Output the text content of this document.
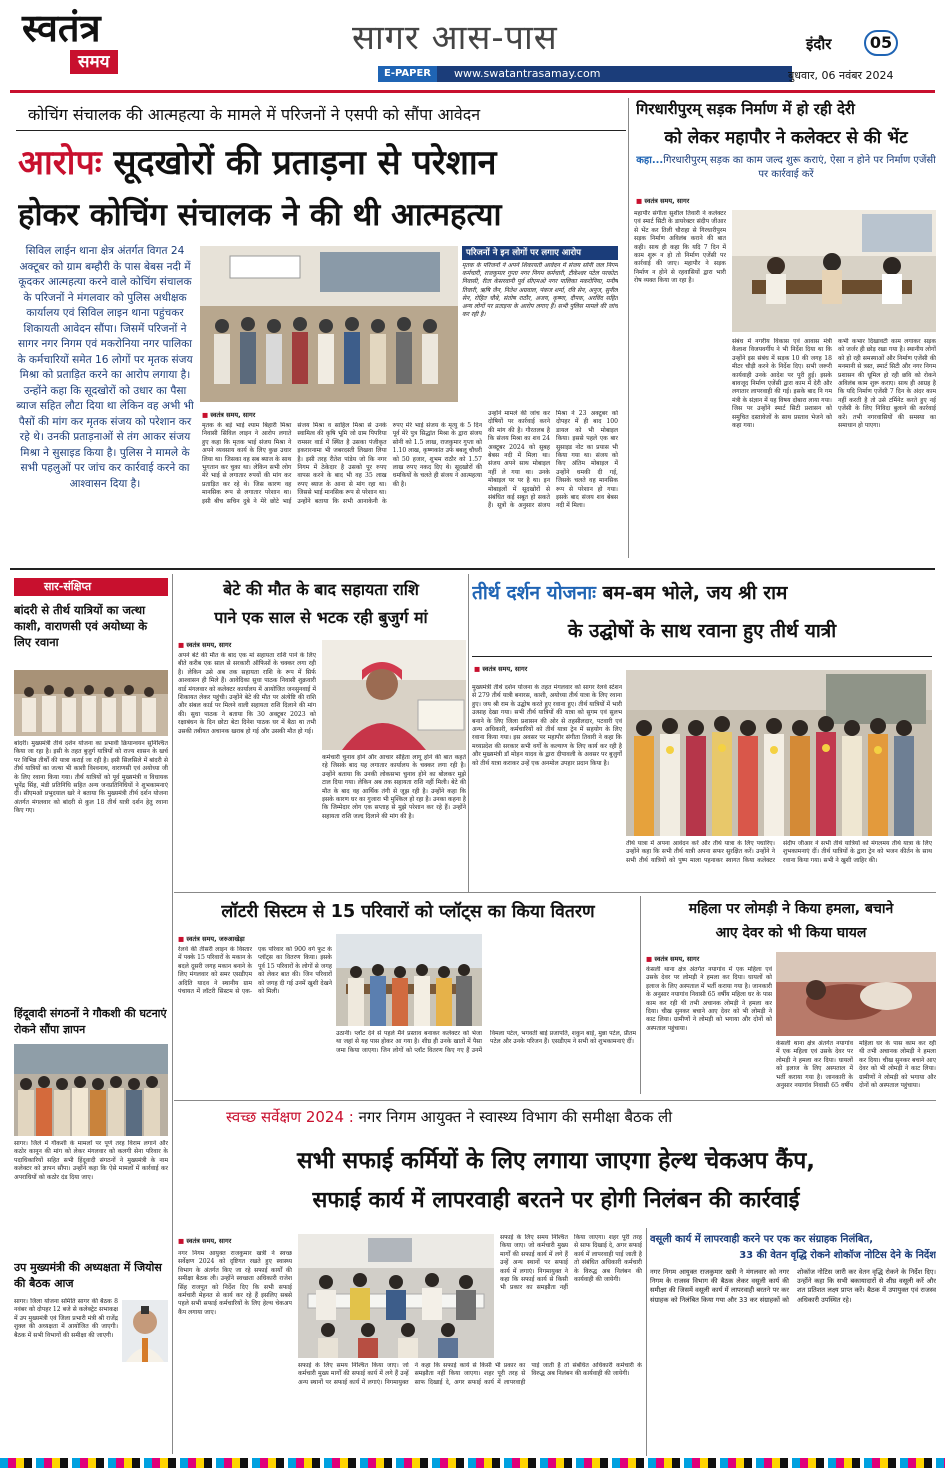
स्वतंत्र
समय
सागर आस-पास
E-PAPER	www.swatantrasamay.com
इंदौर	05
बुधवार, 06 नवंबर 2024
कोचिंग संचालक की आत्महत्या के मामले में परिजनों ने एसपी को सौंपा आवेदन
आरोपः सूदखोरों की प्रताड़ना से परेशान
होकर कोचिंग संचालक ने की थी आत्महत्या
सिविल लाईन थाना क्षेत्र अंतर्गत विगत 24 अक्टूबर को ग्राम बम्हौरी के पास बेबस नदी में कूदकर आत्महत्या करने वाले कोचिंग संचालक के परिजनों ने मंगलवार को पुलिस अधीक्षक कार्यालय एवं सिविल लाइन थाना पहुंचकर शिकायती आवेदन सौंपा। जिसमें परिजनों ने सागर नगर निगम एवं मकरोनिया नगर पालिका के कर्मचारियों समेत 16 लोगों पर मृतक संजय मिश्रा को प्रताड़ित करने का आरोप लगाया है। उन्होंने कहा कि सूदखोरों को उधार का पैसा ब्याज सहित लौटा दिया था लेकिन वह अभी भी पैसों की मांग कर मृतक संजय को परेशान कर रहे थे। उनकी प्रताड़नाओं से तंग आकर संजय मिश्रा ने सुसाइड किया है। पुलिस ने मामले के सभी पहलुओं पर जांच कर कार्रवाई करने का आश्वासन दिया है।
परिजनों ने इन लोगों पर लगाए आरोप
मृतक के परिजनों ने अपने शिकायती आवेदन में संजय सोनी जल निगम कर्मचारी, राजकुमार गुप्ता नगर निगम कर्मचारी, टीकेश्वर पटेल परकोटा निवासी, रीता केसरवानी पूर्व सीएमओ नगर पालिका मकरोनिया, मनीष तिवारी, ऋषि जैन, नितेश अग्रवाल, पंकज शर्मा, रवि सेन, अनुज, सुनील सेन, रोहित चौबे, संतोष राठौर, अजय, कृष्णा, दीपक, अरविंद सहित अन्य लोगों पर प्रताड़ना के आरोप लगाए हैं। सभी पुलिस मामले की जांच कर रही है।
■ स्वतंत्र समय, सागर
मृतक के बड़े भाई श्याम बिहारी मिश्रा निवासी सिविल लाइन ने आरोप लगाते हुए कहा कि मृतक भाई संजय मिश्रा ने अपने व्यवसाय कार्य के लिए कुछ उधार लिया था। जिसका वह सब ब्याज के साथ भुगतान कर चुका था। लेकिन सभी लोग मेरे भाई से लगातार रुपयों की मांग कर प्रताड़ित कर रहे थे। जिस कारण वह मानसिक रूप से लगातार परेशान था। इसी बीच सचिन दुबे ने मेरे छोटे भाई संजय मिश्रा व साहिल मिश्रा से उनके स्वामित्व की कृषि भूमि जो ग्राम पिपरिया रामसर वार्ड में स्थित है उसका पंजीकृत इकरारनामा भी जबरदस्ती लिखवा लिया है। इसी तरह रीतेश पांडेय जो कि नगर निगम में ठेकेदार है उसको पूर रुपए वापस करने के बाद भी वह 35 लाख रुपए ब्याज के आना से मांग रहा था। जिससे भाई मानसिक रूप से परेशान था। उन्होंने बताया कि सभी आनाकेनी के रुपए मेरे भाई संजय के मृत्यु के 5 दिन पूर्व मेरे पुत्र सिद्धांत मिश्रा के द्वारा संजय सोनी को 1.5 लाख, राजकुमार गुप्ता को 1.10 लाख, कृष्णकांत उर्फ बबलू चौधरी को 50 हजार, शुभम राठौर को 1.57 लाख रुपए नकद दिए थे। सूदखोरों की धमकियों के चलते ही संजय ने आत्महत्या की है।
उन्होंने मामले की जांच कर दोषियों पर कार्रवाई करने की मांग की है। गौरतलब है कि संजय मिश्रा का शव 24 अक्टूबर 2024 को सुबह बेबस नदी में मिला था। संजय अपने साथ मोबाइल नहीं ले गया था। उनके मोबाइल पर पर है था। इन मोबाइलों में सूदखोरों से संबंधित कई सबूत हो सकते हैं। सूत्रों के अनुसार संजय मिश्रा ने 23 अक्टूबर को दोपहर में ही बाद 100 डायल को भी मोबाइल किया। इससे पहले एक बार सुसाइड नोट का प्रयास भी किया गया था। संजय को किए अंतिम मोबाइल में उन्होंने धमकी दी गई, जिसके चलते वह मानसिक रूप से परेशान हो गया। इसके बाद संजय शव बेबस नदी में मिला।
गिरधारीपुरम् सड़क निर्माण में हो रही देरी
को लेकर महापौर ने कलेक्टर से की भेंट
कहा...गिरधारीपुरम् सड़क का काम जल्द शुरू कराएं, ऐसा न होने पर निर्माण एजेंसी पर कार्रवाई करें
■ स्वतंत्र समय, सागर
महापौर संगीता सुशील तिवारी ने कलेक्टर एवं स्मार्ट सिटी के डायरेक्टर संदीप जीआर से भेंट कर तिली चौराहा से गिरधारीपुरम सड़क निर्माण अविलंब कराने की बात कही। साथ ही कहा कि यदि 7 दिन में काम शुरू न हो तो निर्माण एजेंसी पर कार्रवाई की जाए। महापौर ने सड़क निर्माण न होने से रहवासियों द्वारा भारी रोष व्यक्त किया जा रहा है।
संबंध में नगरीय विकास एवं आवास मंत्री कैलाश विजयवर्गीय ने भी निर्देश दिया था कि उन्होंने इस संबंध में सड़क 10 की जगह 18 मीटर चौड़ी करने के निर्देश दिए। सभी जरूरी कार्यवाही उनके आदेश पर पूरी हुई। इसके बावजूद निर्माण एजेंसी द्वारा काम में देरी और लगातार लापरवाही की गई। इसके बाद नि गम मंत्री के संज्ञान में यह विषय दोबारा लाया गया। जिस पर उन्होंने स्मार्ट सिटी प्रशासन को समुचित दस्तावेजों के साथ प्रस्ताव भेजने को कहा गया।
कभी कभार दिखावटी काम लगाकर सड़क को जर्जर ही छोड़ रखा गया है। स्थानीय लोगों को हो रही समस्याओं और निर्माण एजेंसी की मनमानी से त्रस्त, स्मार्ट सिटी और नगर निगम प्रशासन की धूमिल हो रही छवि को रोकने अविलंब काम शुरू कराए। साथ ही आग्रह है कि यदि निर्माण एजेंसी 7 दिन के अंदर काम नहीं करती है तो उसे टर्मिनेट करते हुए नई एजेंसी के लिए निविदा बुलाने की कार्रवाई करें। तभी नगरवासियों की समस्या का समाधान हो पाएगा।
सार-संक्षिप्त
बांदरी से तीर्थ यात्रियों का जत्था काशी, वाराणसी एवं अयोध्या के लिए रवाना
बांदरी। मुख्यमंत्री तीर्थ दर्शन योजना का प्रभावी क्रियान्वयन सुनिश्चित किया जा रहा है। इसी के तहत बुजुर्ग यात्रियों को राज्य शासन के खर्च पर विभिन्न तीर्थों की यात्रा कराई जा रही है। इसी सिलसिले में बांदरी से तीर्थ यात्रियों का जत्था भी काशी विश्वनाथ, वाराणसी एवं अयोध्या जी के लिए रवाना किया गया। तीर्थ यात्रियों को पूर्व मुख्यमंत्री व विधायक भूपेंद्र सिंह, मंडी प्रतिनिधि सहित अन्य जनप्रतिनिधियों ने शुभकामनाएं दीं। सीएमओ प्रभुदयाल खरे ने बताया कि मुख्यमंत्री तीर्थ दर्शन योजना अंतर्गत मंगलवार को बांदरी से कुल 18 तीर्थ यात्री दर्शन हेतु रवाना किए गए।
हिंदूवादी संगठनों ने गौकशी की घटनाएं रोकने सौंपा ज्ञापन
सागर। जिले में गौकशी के मामलों पर पूर्ण तरह विराम लगाने और कठोर कानून की मांग को लेकर मंगलवार को कलगी सेना परिवार के पदाधिकारियों सहित सभी हिंदूवादी संगठनों ने मुख्यमंत्री के नाम कलेक्टर को ज्ञापन सौंपा। उन्होंने कहा कि ऐसे मामलों में कार्रवाई कर अपराधियों को कठोर दंड दिया जाए।
उप मुख्यमंत्री की अध्यक्षता में जियोस की बैठक आज
सागर। जिला योजना समिति सागर की बैठक 8 नवंबर को दोपहर 12 बजे से कलेक्ट्रेट सभाकक्ष में उप मुख्यमंत्री एवं जिला प्रभारी मंत्री श्री राजेंद्र शुक्ल की अध्यक्षता में आयोजित की जाएगी। बैठक में सभी विभागों की समीक्षा की जाएगी।
बेटे की मौत के बाद सहायता राशि
पाने एक साल से भटक रही बुजुर्ग मां
■ स्वतंत्र समय, सागर
अपने बेटे की मौत के बाद एक मां सहायता राशि पाने के लिए बीते करीब एक साल से सरकारी ऑफिसों के चक्कर लगा रही है। लेकिन उसे अब तक सहायता राशि के रूप में सिर्फ आश्वासन ही मिले हैं। आवेदिका सुधा पाठक निवासी शुक्रवारी वार्ड मंगलवार को कलेक्टर कार्यालय में आयोजित जनसुनवाई में शिकायत लेकर पहुंची। उन्होंने बेटे की मौत पर अंत्येष्टि की राशि और संबल कार्ड पर मिलने वाली सहायता राशि दिलाने की मांग की। सुधा पाठक ने बताया कि 30 अक्टूबर 2023 को रक्षाबंधन के दिन छोटा बेटा दिनेश पाठक घर में बैठा था तभी उसकी तबीयत अचानक खराब हो गई और उसकी मौत हो गई।
कर्मचारी चुनाव होने और आचार संहिता लागू होने की बात कहते रहे जिसके बाद यह लगातार कार्यालय के चक्कर लगा रही है। उन्होंने बताया कि उनकी लोकसभा चुनाव होने का बोलकर मुझे टाल दिया गया। लेकिन अब तक सहायता राशि नहीं मिली। बेटे की मौत के बाद वह आर्थिक तंगी से जूझ रही है। उन्होंने कहा कि इसके कारण घर का गुजारा भी मुश्किल हो रहा है। उनका कहना है कि जिम्मेदार लोग एक सप्ताह से मुझे परेशान कर रहे हैं। उन्होंने सहायता राशि जल्द दिलाने की मांग की है।
तीर्थ दर्शन योजनाः बम-बम भोले, जय श्री राम
के उद्घोषों के साथ रवाना हुए तीर्थ यात्री
■ स्वतंत्र समय, सागर
मुख्यमंत्री तीर्थ दर्शन योजना के तहत मंगलवार को सागर रेलवे स्टेशन से 279 तीर्थ यात्री बनारस, काशी, अयोध्या तीर्थ यात्रा के लिए रवाना हुए। जय श्री राम के उद्घोष करते हुए रवाना हुए। तीर्थ यात्रियों में भारी उत्साह देखा गया। सभी तीर्थ यात्रियों की यात्रा को सुगम एवं सुलभ बनाने के लिए जिला प्रशासन की ओर से तहसीलदार, पटवारी एवं अन्य अधिकारी, कर्मचारियों को तीर्थ यात्रा ट्रेन में सहयोग के लिए रवाना किया गया। इस अवसर पर महापौर संगीता तिवारी ने कहा कि मध्यप्रदेश की सरकार सभी वर्गों के कल्याण के लिए कार्य कर रही है और मुख्यमंत्री डॉ मोहन यादव के द्वारा दीपावली के अवसर पर बुजुर्गों को तीर्थ यात्रा कराकर उन्हें एक अनमोल उपहार प्रदान किया है।
तीर्थ यात्रा में अपना आवेदन करें और तीर्थ यात्रा के लिए पधारिए। उन्होंने कहा कि सभी तीर्थ यात्री अपना सफर सुरक्षित करें। उन्होंने ने सभी तीर्थ यात्रियों को पुष्प माला पहनाकर स्वागत किया कलेक्टर संदीप जीआर ने सभी तीर्थ यात्रियों को मंगलमय तीर्थ यात्रा के लिए शुभकामनाएं दीं। तीर्थ यात्रियों के द्वारा ट्रेन को भजन कीर्तन के साथ रवाना किया गया। सभी ने खुशी जाहिर की।
लॉटरी सिस्टम से 15 परिवारों को प्लॉट्स का किया वितरण
■ स्वतंत्र समय, जरुआखेड़ा
रेलवे की तीसरी लाइन के विस्तार में पक्के 15 परिवारों के मकान के बदले दूसरी जगह मकान बनाने के लिए मंगलवार को समर एसडीएम अदिति यादव ने स्थानीय ग्राम पंचायत में लॉटरी सिस्टम से एक-एक परिवार को 900 वर्ग फुट के प्लॉट्स का वितरण किया। इसके पूर्व 15 परिवारों के लोगों से जगह को लेकर बात की। जिन परिवारों को जगह दी गई उनमें खुशी देखने को मिली।
उठानी। प्लॉट देने से पहले मैंने प्रस्ताव बनाकर कलेक्टर को भेजा था जहां से यह पास होकर आ गया है। शीघ्र ही उनके खातों में पैसा जमा किया जाएगा। जिन लोगों को प्लॉट वितरण किए गए हैं उनमें विमला पटेल, भगवती बाई प्रजापति, शकुन बाई, मुन्ना पटेल, प्रीतम पटेल और उनके परिजन हैं। एसडीएम ने सभी को शुभकामनाएं दीं।
महिला पर लोमड़ी ने किया हमला, बचाने
आए देवर को भी किया घायल
■ स्वतंत्र समय, सागर
केसली थाना क्षेत्र अंतर्गत नयागांव में एक महिला एवं उसके देवर पर लोमड़ी ने हमला कर दिया। घायलों को इलाज के लिए अस्पताल में भर्ती कराया गया है। जानकारी के अनुसार नयागांव निवासी 65 वर्षीय महिला घर के पास काम कर रही थी तभी अचानक लोमड़ी ने हमला कर दिया। चीख सुनकर बचाने आए देवर को भी लोमड़ी ने काट लिया। ग्रामीणों ने लोमड़ी को भगाया और दोनों को अस्पताल पहुंचाया।
केसली थाना क्षेत्र अंतर्गत नयागांव में एक महिला एवं उसके देवर पर लोमड़ी ने हमला कर दिया। घायलों को इलाज के लिए अस्पताल में भर्ती कराया गया है। जानकारी के अनुसार नयागांव निवासी 65 वर्षीय महिला घर के पास काम कर रही थी तभी अचानक लोमड़ी ने हमला कर दिया। चीख सुनकर बचाने आए देवर को भी लोमड़ी ने काट लिया। ग्रामीणों ने लोमड़ी को भगाया और दोनों को अस्पताल पहुंचाया।
स्वच्छ सर्वेक्षण 2024 : नगर निगम आयुक्त ने स्वास्थ्य विभाग की समीक्षा बैठक ली
सभी सफाई कर्मियों के लिए लगाया जाएगा हेल्थ चेकअप कैंप,
सफाई कार्य में लापरवाही बरतने पर होगी निलंबन की कार्रवाई
■ स्वतंत्र समय, सागर
नगर निगम आयुक्त राजकुमार खत्री ने स्वच्छ सर्वेक्षण 2024 को दृष्टिगत रखते हुए स्वास्थ्य विभाग के अंतर्गत किए जा रहे सफाई कार्यों की समीक्षा बैठक ली। उन्होंने स्वच्छता अधिकारी राजेश सिंह राजपूत को निर्देश दिए कि सभी सफाई कर्मचारी मेहनत से कार्य कर रहे हैं इसलिए सबसे पहले सभी सफाई कर्मचारियों के लिए हेल्थ चेकअप कैंप लगाया जाए।
सफाई के लिए समय निश्चित किया जाए। जो कर्मचारी मुख्य मार्गों की सफाई कार्य में लगे हैं उन्हें अन्य स्थानों पर सफाई कार्य में लगाएं। निगमायुक्त ने कहा कि सफाई कार्य से किसी भी प्रकार का समझौता नहीं किया जाएगा। शहर पूरी तरह से साफ दिखाई दे, अगर सफाई कार्य में लापरवाही पाई जाती है तो संबंधित अधिकारी कर्मचारी के विरुद्ध अब निलंबन की कार्यवाही की जायेगी।
सफाई के लिए समय निश्चित किया जाए। जो कर्मचारी मुख्य मार्गों की सफाई कार्य में लगे हैं उन्हें अन्य स्थानों पर सफाई कार्य में लगाएं। निगमायुक्त ने कहा कि सफाई कार्य से किसी भी प्रकार का समझौता नहीं किया जाएगा। शहर पूरी तरह से साफ दिखाई दे, अगर सफाई कार्य में लापरवाही पाई जाती है तो संबंधित अधिकारी कर्मचारी के विरुद्ध अब निलंबन की कार्यवाही की जायेगी।
वसूली कार्य में लापरवाही करने पर एक कर संग्राहक निलंबित,
33 की वेतन वृद्धि रोकने शोकॉज नोटिस देने के निर्देश
नगर निगम आयुक्त राजकुमार खत्री ने मंगलवार को नगर निगम के राजस्व विभाग की बैठक लेकर वसूली कार्य की समीक्षा की जिसमें वसूली कार्य में लापरवाही बरतने पर कर संग्राहक को निलंबित किया गया और 33 कर संग्राहकों को शोकॉज नोटिस जारी कर वेतन वृद्धि रोकने के निर्देश दिए। उन्होंने कहा कि सभी बकायादारों से शीघ्र वसूली करें और शत प्रतिशत लक्ष्य प्राप्त करें। बैठक में उपायुक्त एवं राजस्व अधिकारी उपस्थित रहे।
